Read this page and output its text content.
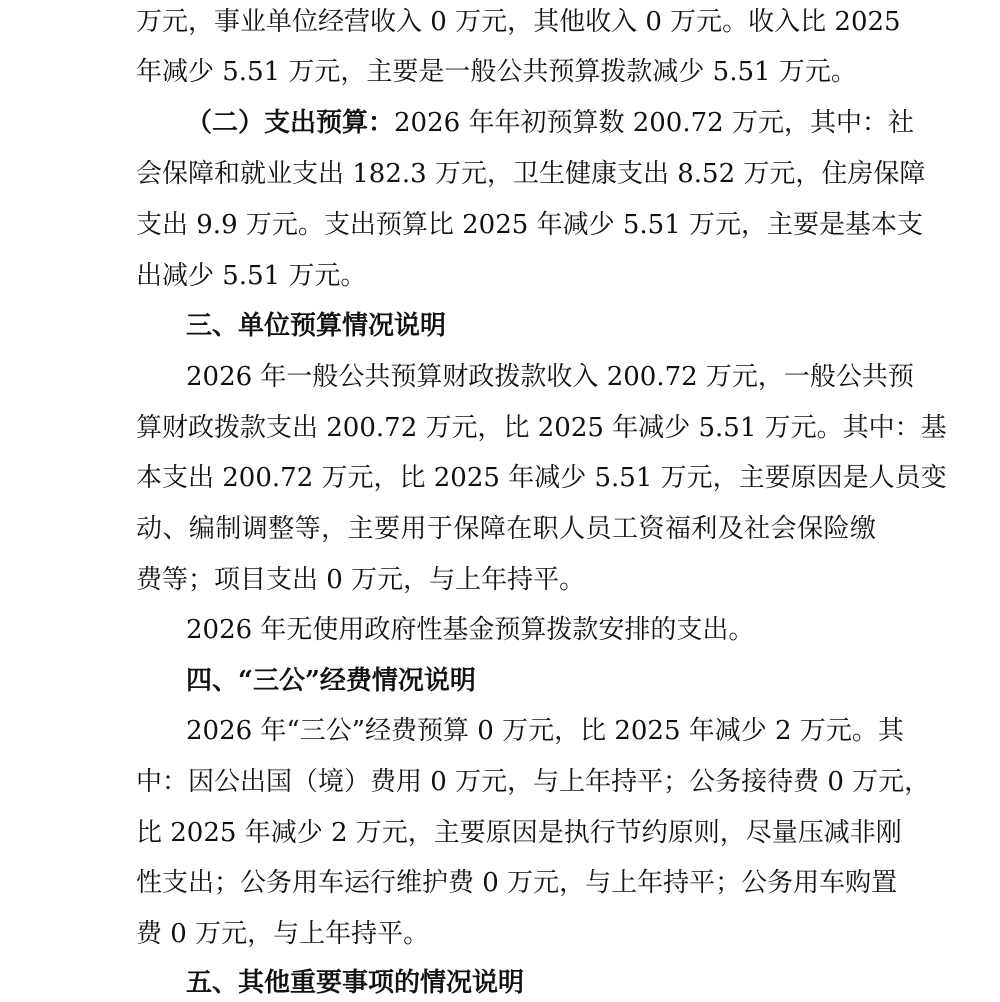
万元，事业单位经营收入 0 万元，其他收入 0 万元。收入比 2025
年减少 5.51 万元，主要是一般公共预算拨款减少 5.51 万元。
（二）支出预算：2026 年年初预算数 200.72 万元，其中：社
会保障和就业支出 182.3 万元，卫生健康支出 8.52 万元，住房保障
支出 9.9 万元。支出预算比 2025 年减少 5.51 万元，主要是基本支
出减少 5.51 万元。
三、单位预算情况说明
2026 年一般公共预算财政拨款收入 200.72 万元，一般公共预
算财政拨款支出 200.72 万元，比 2025 年减少 5.51 万元。其中：基
本支出 200.72 万元，比 2025 年减少 5.51 万元，主要原因是人员变
动、编制调整等，主要用于保障在职人员工资福利及社会保险缴
费等；项目支出 0 万元，与上年持平。
2026 年无使用政府性基金预算拨款安排的支出。
四、“三公”经费情况说明
2026 年“三公”经费预算 0 万元，比 2025 年减少 2 万元。其
中：因公出国（境）费用 0 万元，与上年持平；公务接待费 0 万元，
比 2025 年减少 2 万元，主要原因是执行节约原则，尽量压减非刚
性支出；公务用车运行维护费 0 万元，与上年持平；公务用车购置
费 0 万元，与上年持平。
五、其他重要事项的情况说明
